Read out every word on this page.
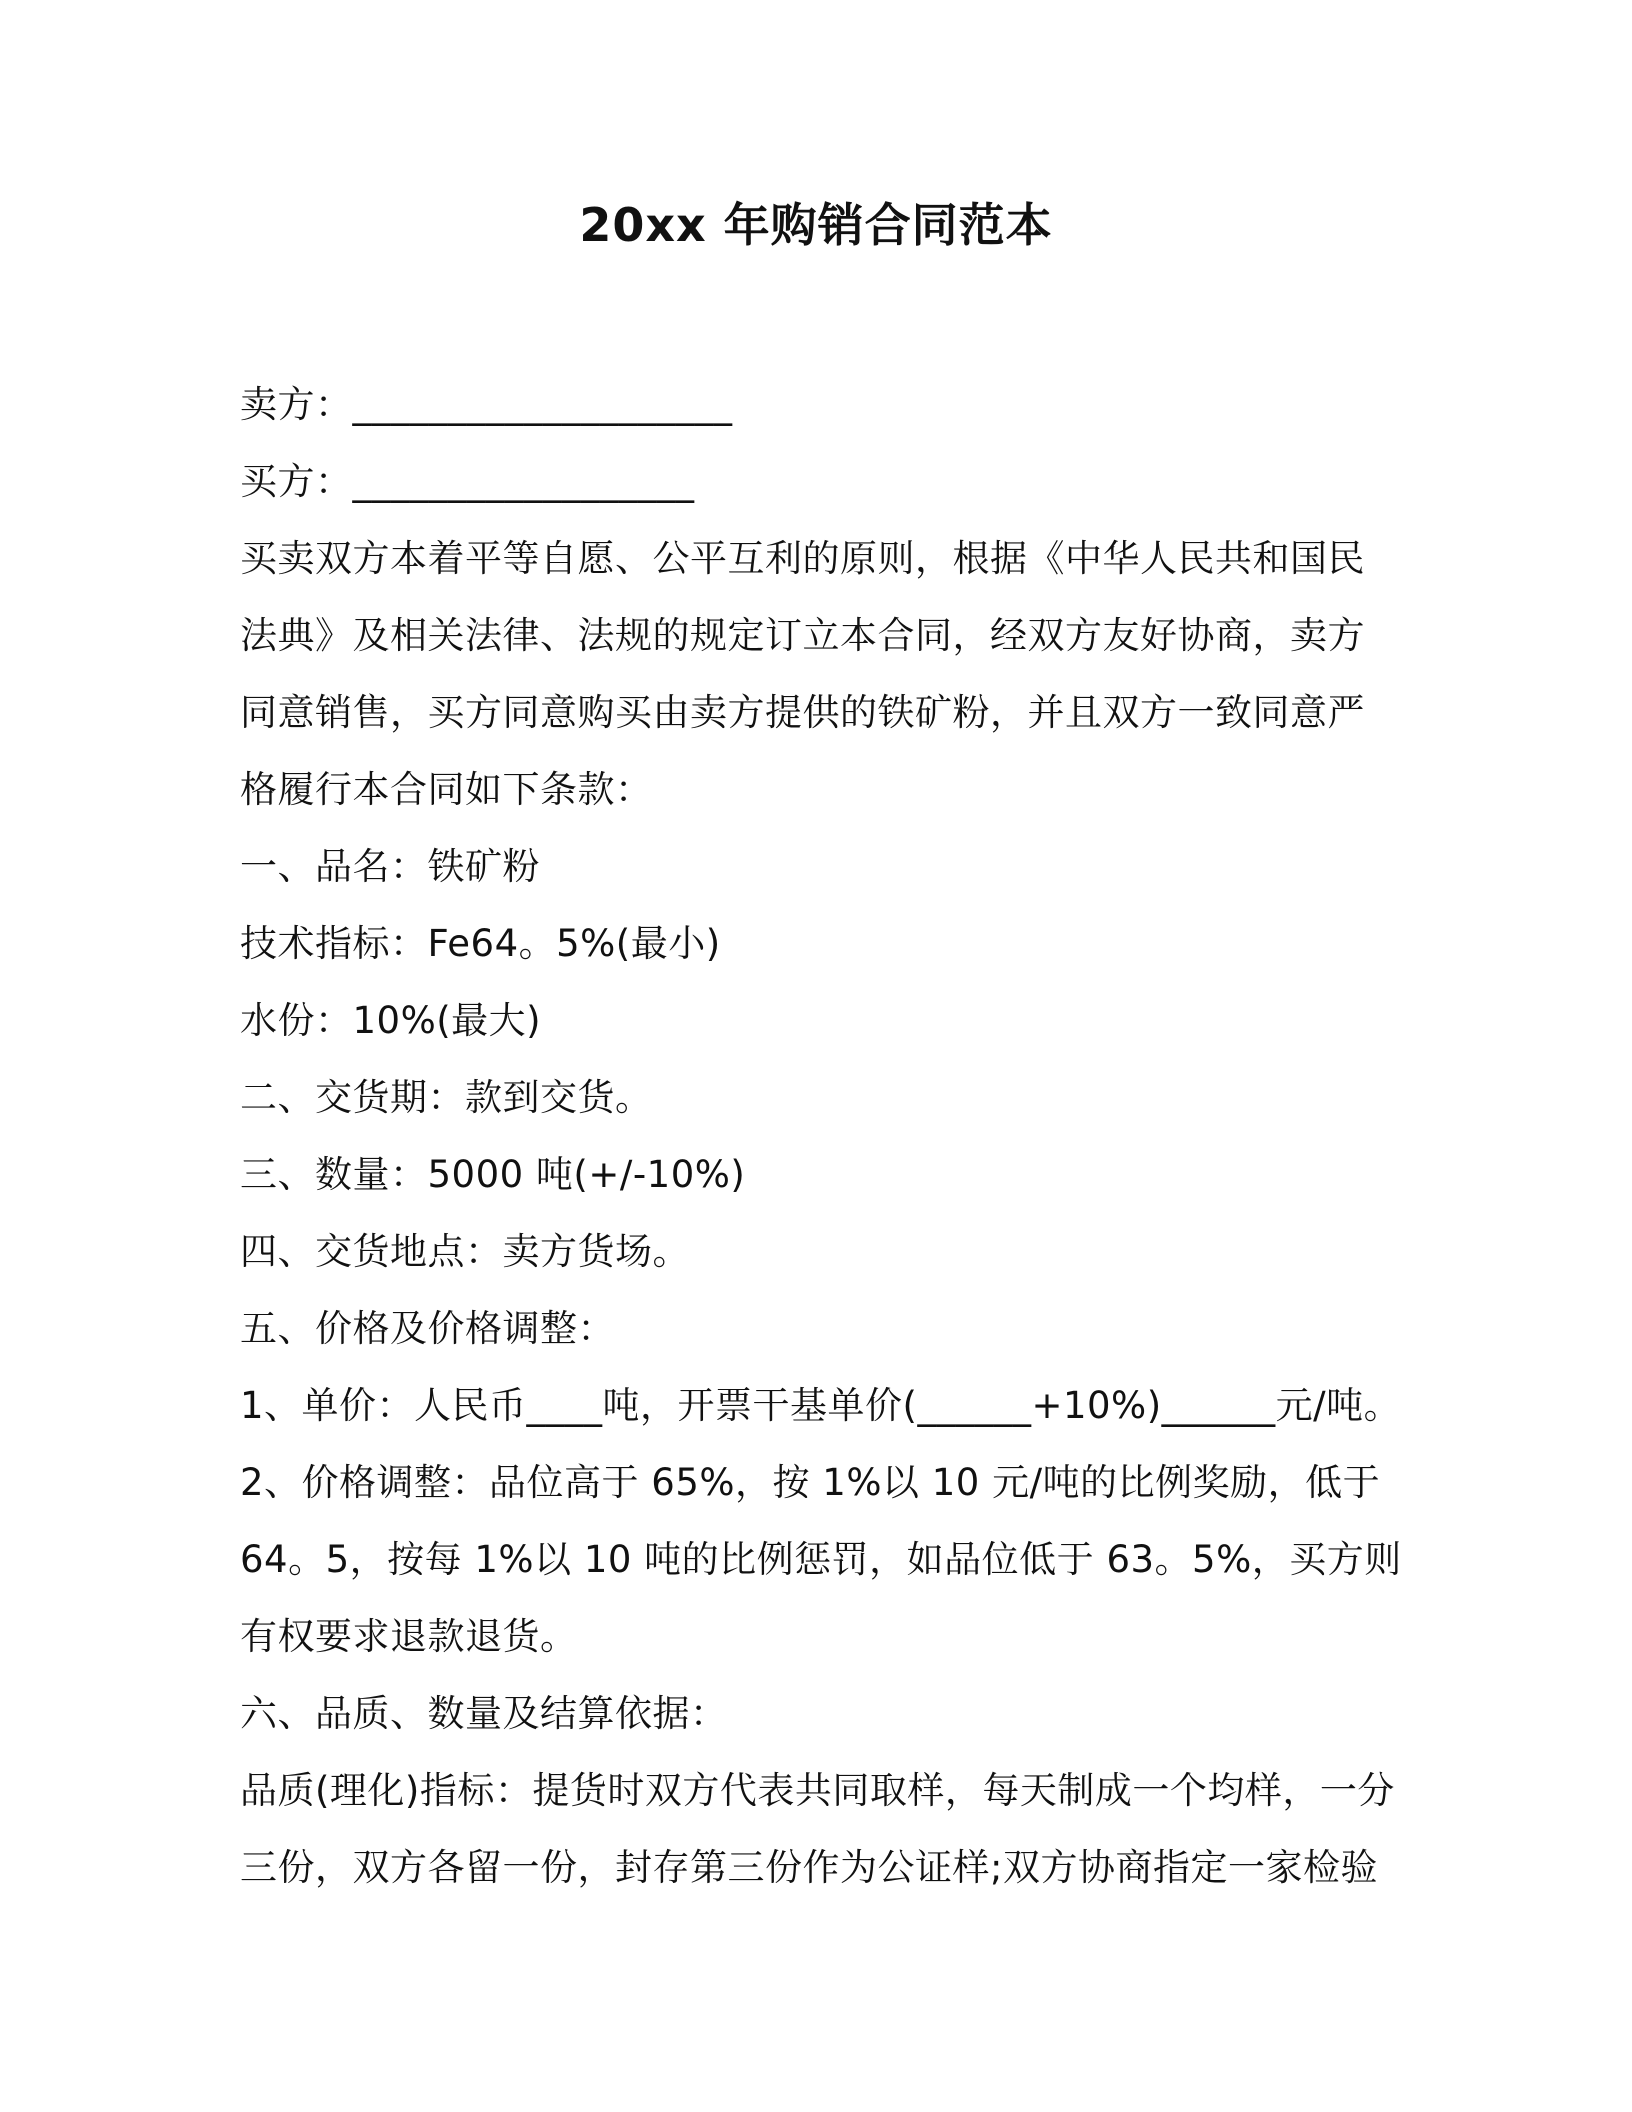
20xx 年购销合同范本
卖方：____________________
买方：__________________
买卖双方本着平等自愿、公平互利的原则，根据《中华人民共和国民
法典》及相关法律、法规的规定订立本合同，经双方友好协商，卖方
同意销售，买方同意购买由卖方提供的铁矿粉，并且双方一致同意严
格履行本合同如下条款：
一、品名：铁矿粉
技术指标：Fe64。5%(最小)
水份：10%(最大)
二、交货期：款到交货。
三、数量：5000 吨(+/-10%)
四、交货地点：卖方货场。
五、价格及价格调整：
1、单价：人民币____吨，开票干基单价(______+10%)______元/吨。
2、价格调整：品位高于 65%，按 1%以 10 元/吨的比例奖励，低于
64。5，按每 1%以 10 吨的比例惩罚，如品位低于 63。5%，买方则
有权要求退款退货。
六、品质、数量及结算依据：
品质(理化)指标：提货时双方代表共同取样，每天制成一个均样，一分
三份，双方各留一份，封存第三份作为公证样;双方协商指定一家检验
